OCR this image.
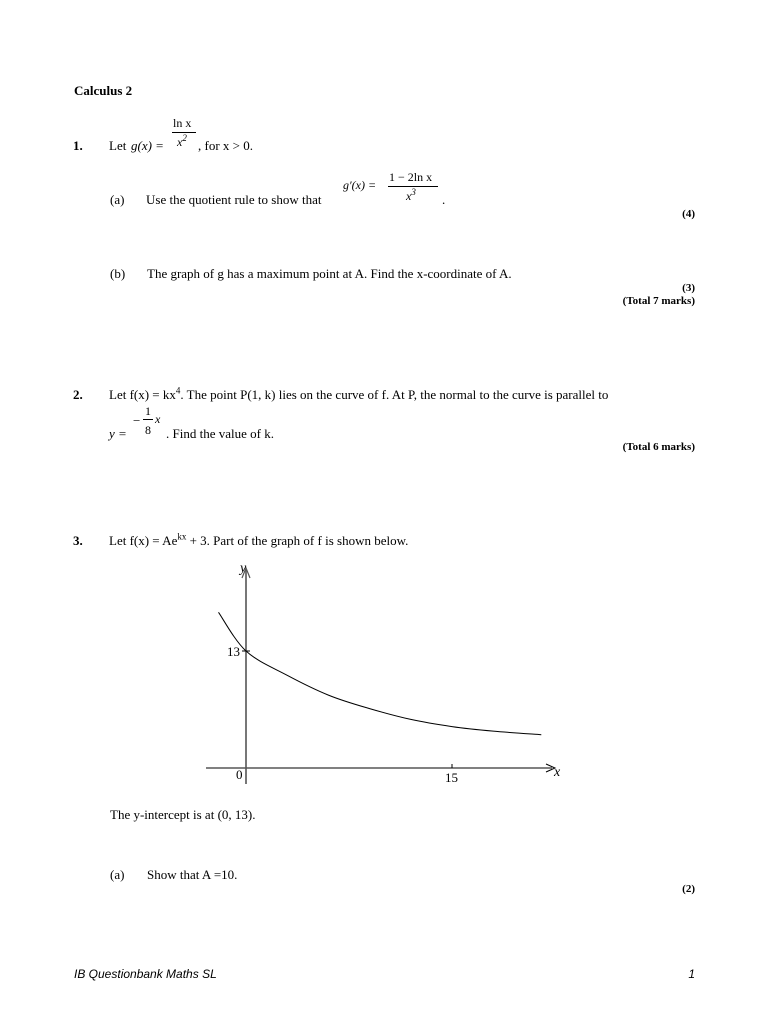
Calculus 2
1. Let g(x) =
ln x
$x^2$ , for x > 0.
(a) Use the quotient rule to show that
g′(x) =
1 − 2ln x
$x^3$ .
(4)
(b) The graph of g has a maximum point at A. Find the x-coordinate of A.
(3)
(Total 7 marks)
2. Let $f(x) = kx^4$. The point P(1, k) lies on the curve of f. At P, the normal to the curve is parallel to
y =
−
1
8
x
. Find the value of k.
(Total 6 marks)
3. Let $f(x) = Ae^{kx} + 3$. Part of the graph of f is shown below.
y
x
13
0	15
The y-intercept is at (0, 13).
(a) Show that A =10.
(2)
IB Questionbank Maths SL	1
